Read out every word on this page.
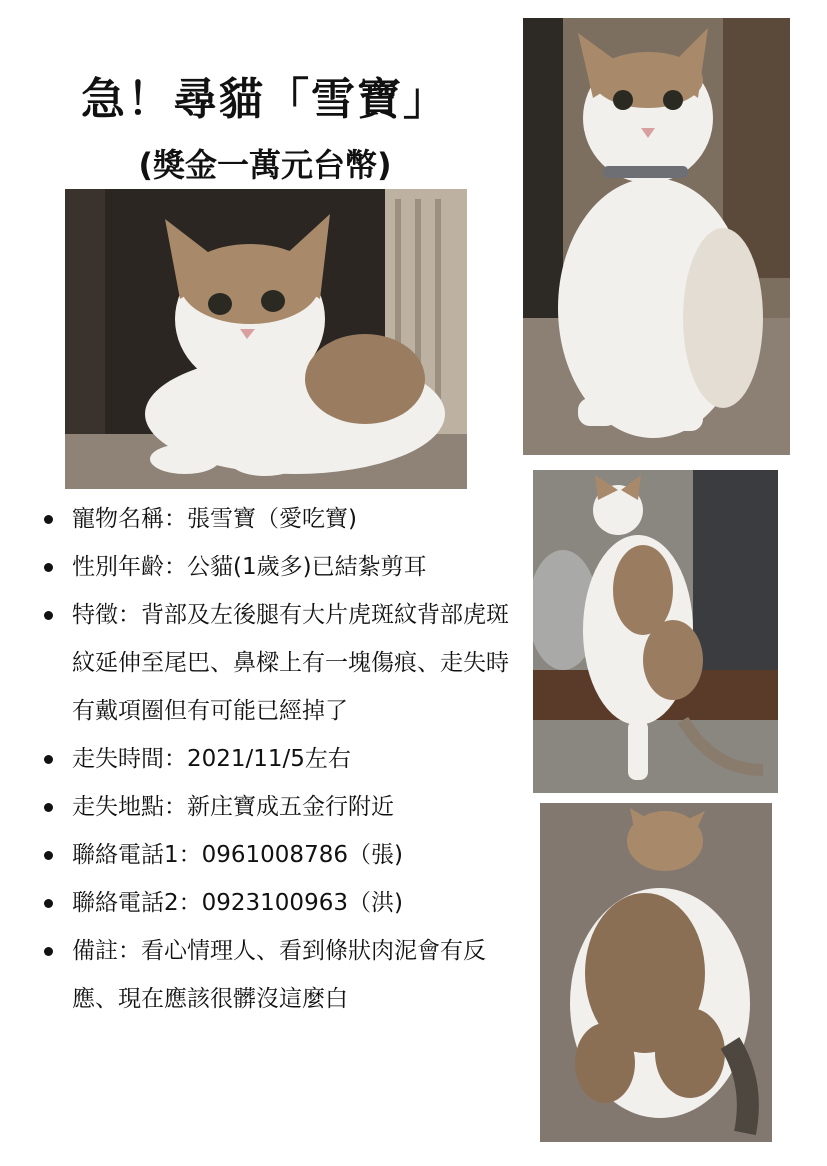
急！尋貓「雪寶」
(獎金一萬元台幣)
寵物名稱：張雪寶（愛吃寶)
性別年齡：公貓(1歲多)已結紮剪耳
特徵：背部及左後腿有大片虎斑紋背部虎斑紋延伸至尾巴、鼻樑上有一塊傷痕、走失時有戴項圈但有可能已經掉了
走失時間：2021/11/5左右
走失地點：新庄寶成五金行附近
聯絡電話1：0961008786（張)
聯絡電話2：0923100963（洪)
備註：看心情理人、看到條狀肉泥會有反應、現在應該很髒沒這麼白
